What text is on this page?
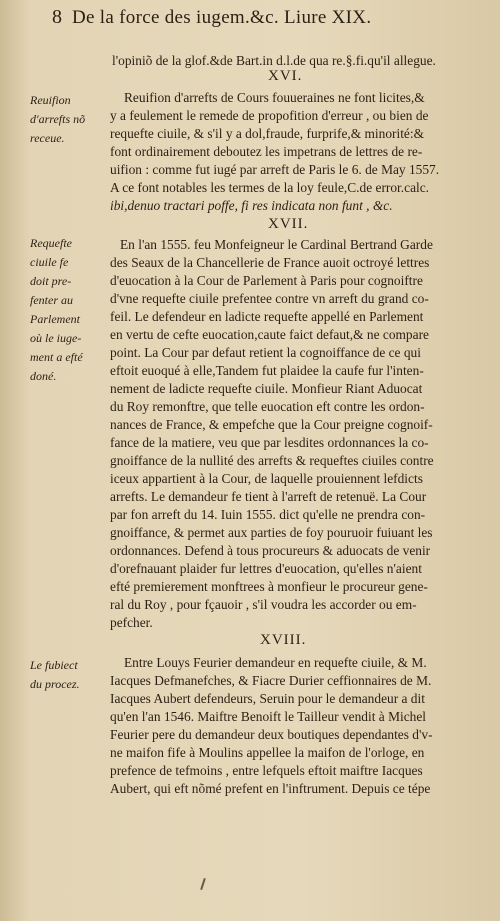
8 De la force des iugem.&c. Liure XIX.
l'opiniõ de la glof.&de Bart.in d.l.de qua re.§.fi.qu'il allegue.
XVI.
Reuifion
d'arrefts nõ
receue.
Reuifion d'arrefts de Cours fouueraines ne font licites,&
y a feulement le remede de propofition d'erreur , ou bien de
requefte ciuile, & s'il y a dol,fraude, furprife,& minorité:&
font ordinairement deboutez les impetrans de lettres de re-
uifion : comme fut iugé par arreft de Paris le 6. de May 1557.
A ce font notables les termes de la loy feule,C.de error.calc.
ibi,denuo tractari poffe, fi res indicata non funt , &c.
XVII.
Requefte
ciuile fe
doit pre-
fenter au
Parlement
où le iuge-
ment a efté
doné.
En l'an 1555. feu Monfeigneur le Cardinal Bertrand Garde
des Seaux de la Chancellerie de France auoit octroyé lettres
d'euocation à la Cour de Parlement à Paris pour cognoiftre
d'vne requefte ciuile prefentee contre vn arreft du grand co-
feil. Le defendeur en ladicte requefte appellé en Parlement
en vertu de cefte euocation,caute faict defaut,& ne compare
point. La Cour par defaut retient la cognoiffance de ce qui
eftoit euoqué à elle,Tandem fut plaidee la caufe fur l'inten-
nement de ladicte requefte ciuile. Monfieur Riant Aduocat
du Roy remonftre, que telle euocation eft contre les ordon-
nances de France, & empefche que la Cour preigne cognoif-
fance de la matiere, veu que par lesdites ordonnances la co-
gnoiffance de la nullité des arrefts & requeftes ciuiles contre
iceux appartient à la Cour, de laquelle prouiennent lefdicts
arrefts. Le demandeur fe tient à l'arreft de retenuë. La Cour
par fon arreft du 14. Iuin 1555. dict qu'elle ne prendra con-
gnoiffance, & permet aux parties de foy pouruoir fuiuant les
ordonnances. Defend à tous procureurs & aduocats de venir
d'orefnauant plaider fur lettres d'euocation, qu'elles n'aient
efté premierement monftrees à monfieur le procureur gene-
ral du Roy , pour fçauoir , s'il voudra les accorder ou em-
pefcher.
XVIII.
Le fubiect
du procez.
Entre Louys Feurier demandeur en requefte ciuile, & M.
Iacques Defmanefches, & Fiacre Durier ceffionnaires de M.
Iacques Aubert defendeurs, Seruin pour le demandeur a dit
qu'en l'an 1546. Maiftre Benoift le Tailleur vendit à Michel
Feurier pere du demandeur deux boutiques dependantes d'v-
ne maifon fife à Moulins appellee la maifon de l'orloge, en
prefence de tefmoins , entre lefquels eftoit maiftre Iacques
Aubert, qui eft nõmé prefent en l'inftrument. Depuis ce tépe
